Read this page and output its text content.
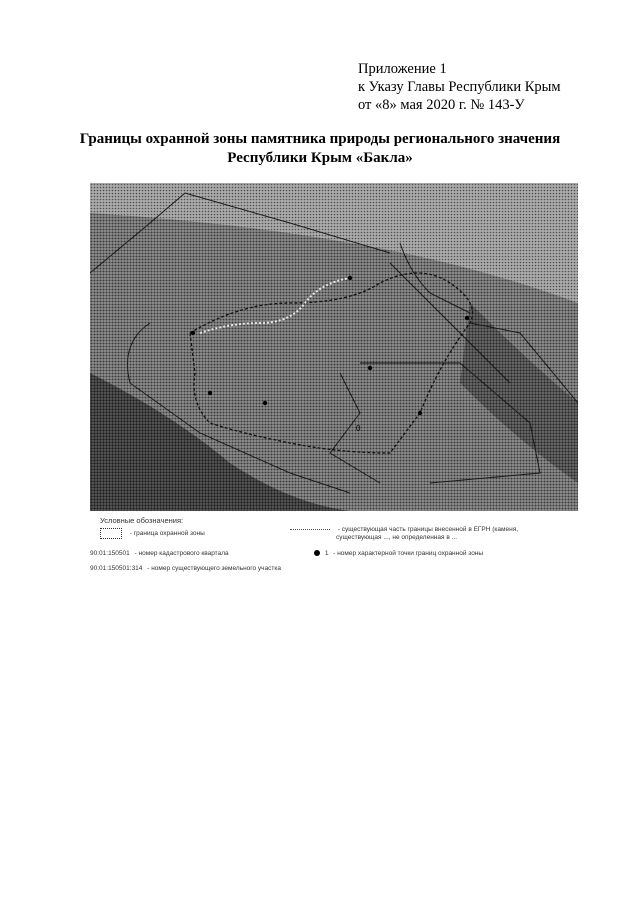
Приложение 1
к Указу Главы Республики Крым
от «8» мая 2020 г. № 143-У
Границы охранной зоны памятника природы регионального значения
Республики Крым «Бакла»
0
Условные обозначения:
- граница охранной зоны
- существующая часть границы внесенной в ЕГРН (каменя,
существующая ..., не определенная в ...
90:01:150501 - номер кадастрового квартала	1 - номер характерной точки границ охранной зоны
90:01:150501:314 - номер существующего земельного участка
